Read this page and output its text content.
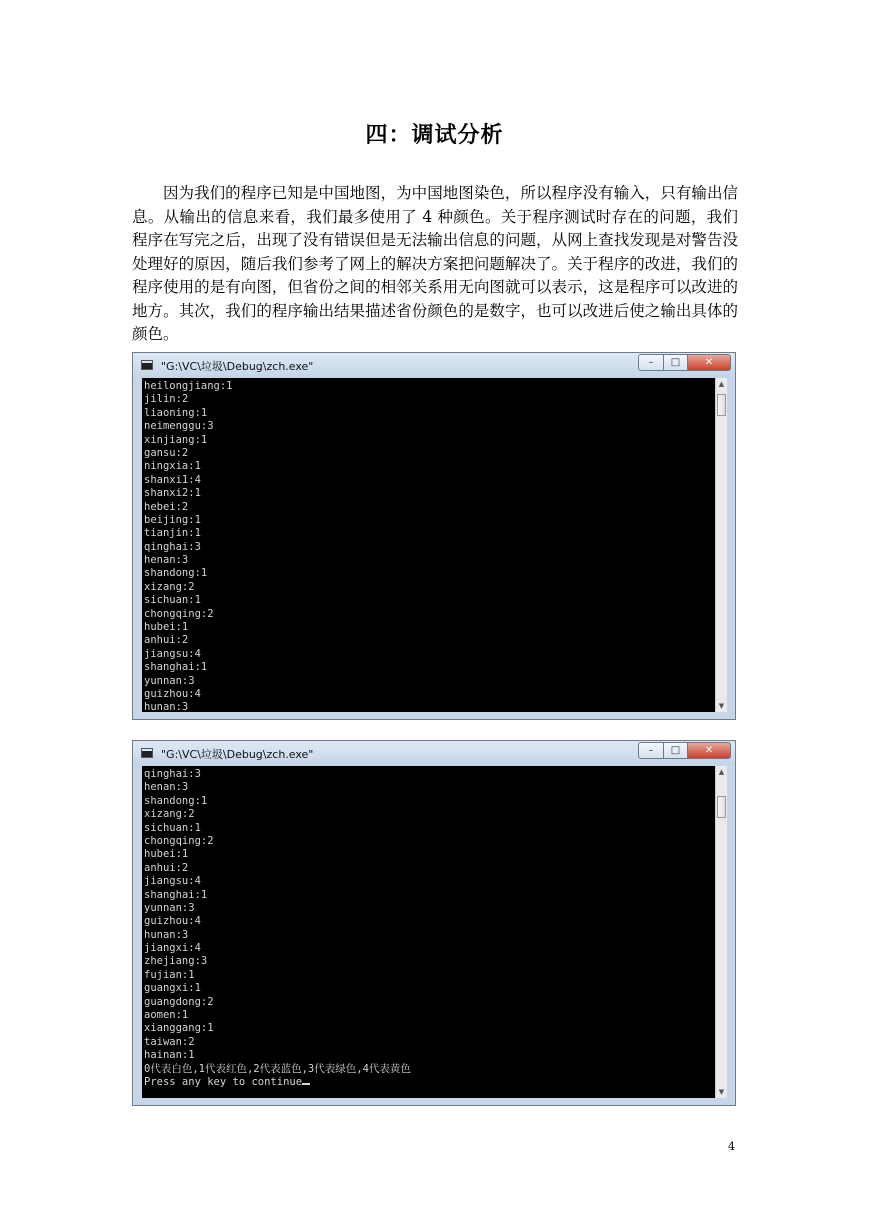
四：调试分析
因为我们的程序已知是中国地图，为中国地图染色，所以程序没有输入，只有输出信息。从输出的信息来看，我们最多使用了 4 种颜色。关于程序测试时存在的问题，我们程序在写完之后，出现了没有错误但是无法输出信息的问题，从网上查找发现是对警告没处理好的原因，随后我们参考了网上的解决方案把问题解决了。关于程序的改进，我们的程序使用的是有向图，但省份之间的相邻关系用无向图就可以表示，这是程序可以改进的地方。其次，我们的程序输出结果描述省份颜色的是数字，也可以改进后使之输出具体的颜色。
"G:\VC\垃圾\Debug\zch.exe"	–	□	✕
heilongjiang:1
jilin:2
liaoning:1
neimenggu:3
xinjiang:1
gansu:2
ningxia:1
shanxi1:4
shanxi2:1
hebei:2
beijing:1
tianjin:1
qinghai:3
henan:3
shandong:1
xizang:2
sichuan:1
chongqing:2
hubei:1
anhui:2
jiangsu:4
shanghai:1
yunnan:3
guizhou:4
hunan:3
▲
▼
"G:\VC\垃圾\Debug\zch.exe"	–	□	✕
qinghai:3
henan:3
shandong:1
xizang:2
sichuan:1
chongqing:2
hubei:1
anhui:2
jiangsu:4
shanghai:1
yunnan:3
guizhou:4
hunan:3
jiangxi:4
zhejiang:3
fujian:1
guangxi:1
guangdong:2
aomen:1
xianggang:1
taiwan:2
hainan:1
0代表白色,1代表红色,2代表蓝色,3代表绿色,4代表黄色
Press any key to continue
▲
▼
4
